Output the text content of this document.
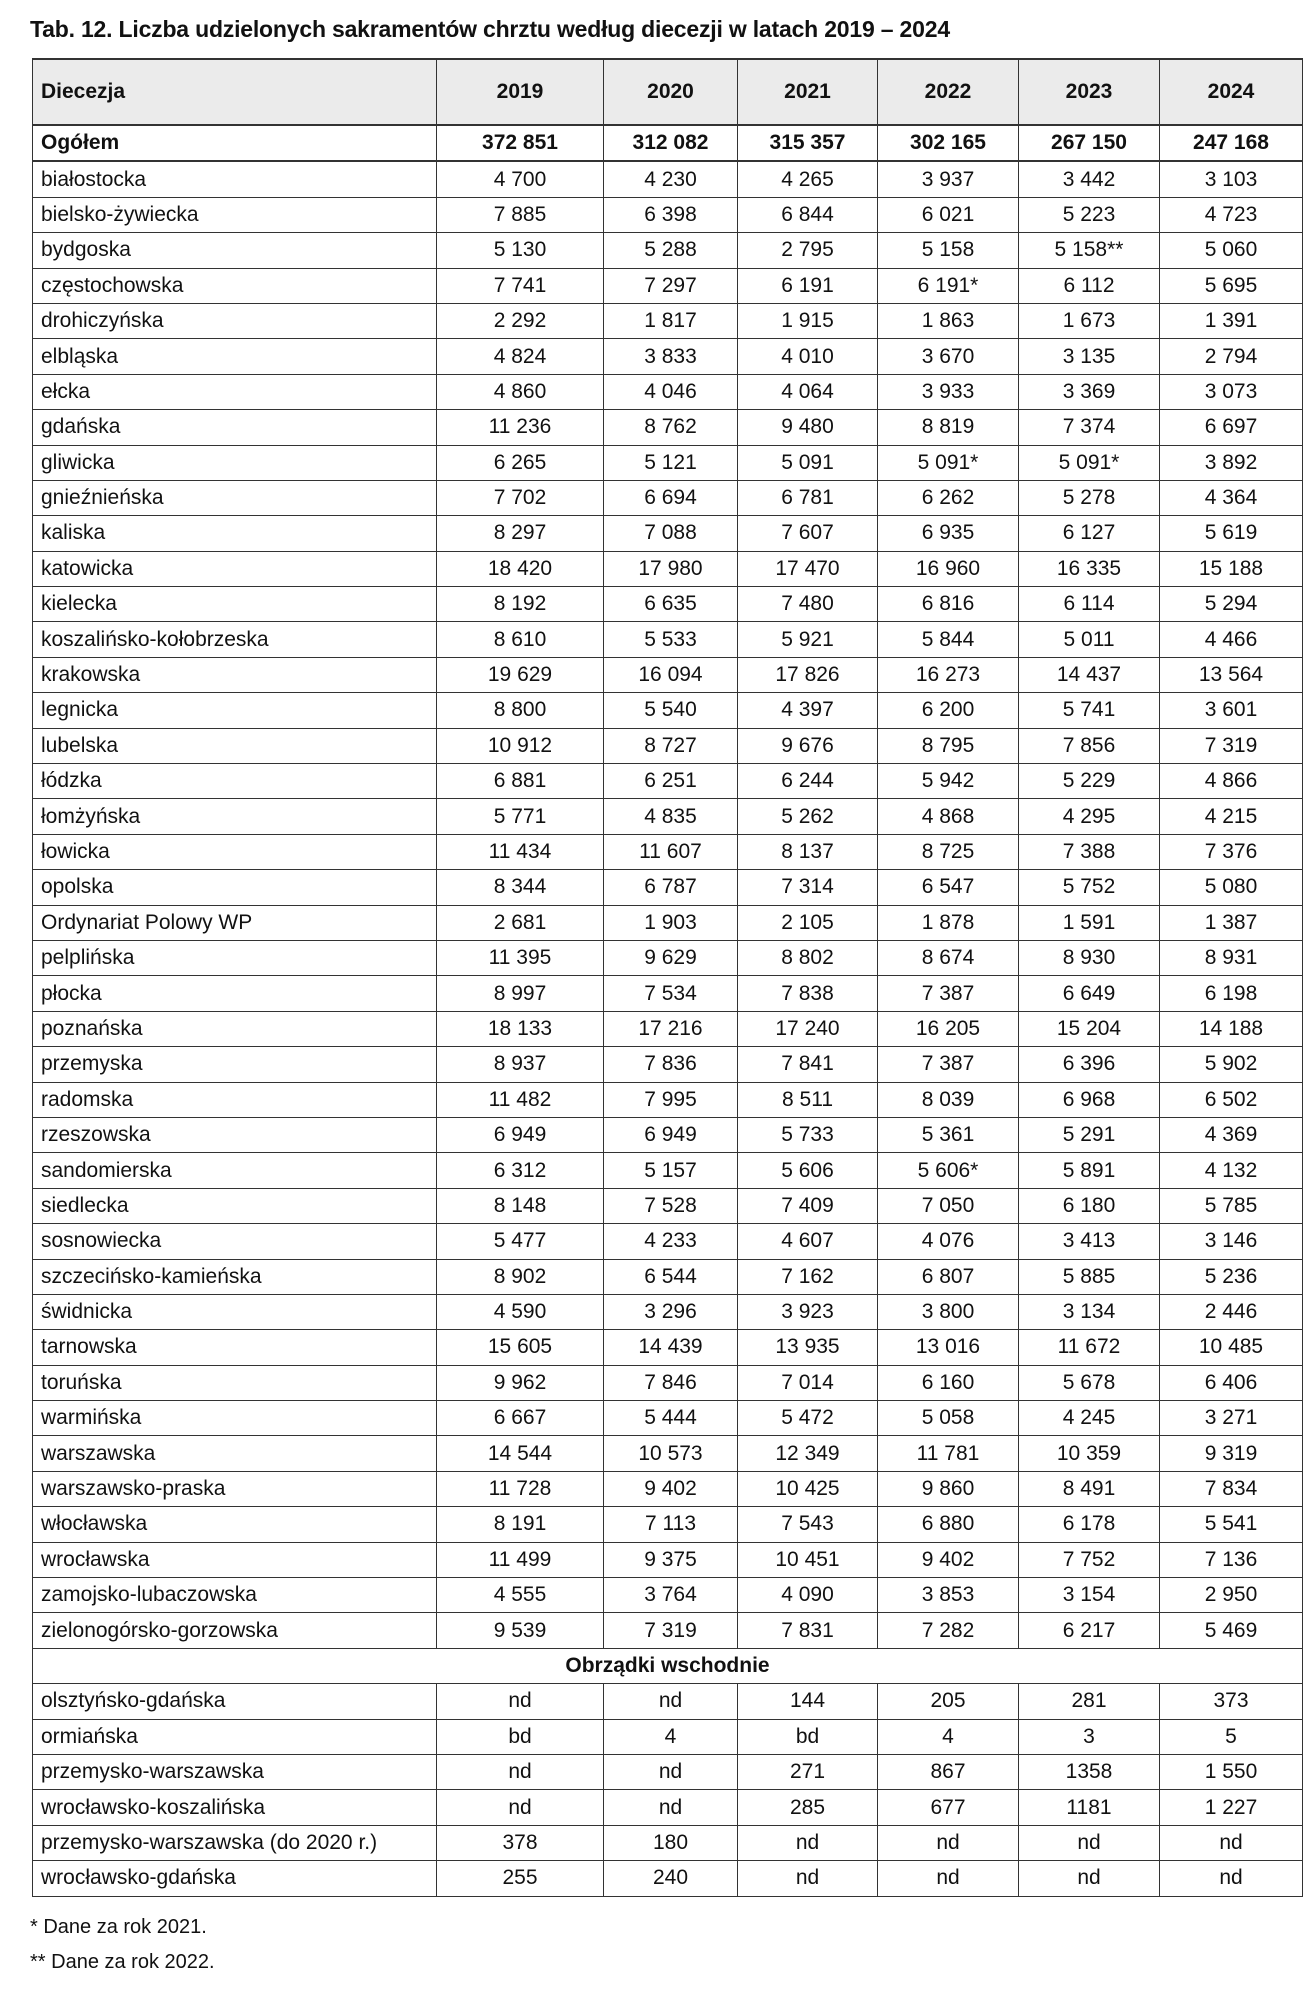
Tab. 12. Liczba udzielonych sakramentów chrztu według diecezji w latach 2019 – 2024
Diecezja	2019	2020	2021	2022	2023	2024
Ogółem	372 851	312 082	315 357	302 165	267 150	247 168
białostocka	4 700	4 230	4 265	3 937	3 442	3 103
bielsko-żywiecka	7 885	6 398	6 844	6 021	5 223	4 723
bydgoska	5 130	5 288	2 795	5 158	5 158**	5 060
częstochowska	7 741	7 297	6 191	6 191*	6 112	5 695
drohiczyńska	2 292	1 817	1 915	1 863	1 673	1 391
elbląska	4 824	3 833	4 010	3 670	3 135	2 794
ełcka	4 860	4 046	4 064	3 933	3 369	3 073
gdańska	11 236	8 762	9 480	8 819	7 374	6 697
gliwicka	6 265	5 121	5 091	5 091*	5 091*	3 892
gnieźnieńska	7 702	6 694	6 781	6 262	5 278	4 364
kaliska	8 297	7 088	7 607	6 935	6 127	5 619
katowicka	18 420	17 980	17 470	16 960	16 335	15 188
kielecka	8 192	6 635	7 480	6 816	6 114	5 294
koszalińsko-kołobrzeska	8 610	5 533	5 921	5 844	5 011	4 466
krakowska	19 629	16 094	17 826	16 273	14 437	13 564
legnicka	8 800	5 540	4 397	6 200	5 741	3 601
lubelska	10 912	8 727	9 676	8 795	7 856	7 319
łódzka	6 881	6 251	6 244	5 942	5 229	4 866
łomżyńska	5 771	4 835	5 262	4 868	4 295	4 215
łowicka	11 434	11 607	8 137	8 725	7 388	7 376
opolska	8 344	6 787	7 314	6 547	5 752	5 080
Ordynariat Polowy WP	2 681	1 903	2 105	1 878	1 591	1 387
pelplińska	11 395	9 629	8 802	8 674	8 930	8 931
płocka	8 997	7 534	7 838	7 387	6 649	6 198
poznańska	18 133	17 216	17 240	16 205	15 204	14 188
przemyska	8 937	7 836	7 841	7 387	6 396	5 902
radomska	11 482	7 995	8 511	8 039	6 968	6 502
rzeszowska	6 949	6 949	5 733	5 361	5 291	4 369
sandomierska	6 312	5 157	5 606	5 606*	5 891	4 132
siedlecka	8 148	7 528	7 409	7 050	6 180	5 785
sosnowiecka	5 477	4 233	4 607	4 076	3 413	3 146
szczecińsko-kamieńska	8 902	6 544	7 162	6 807	5 885	5 236
świdnicka	4 590	3 296	3 923	3 800	3 134	2 446
tarnowska	15 605	14 439	13 935	13 016	11 672	10 485
toruńska	9 962	7 846	7 014	6 160	5 678	6 406
warmińska	6 667	5 444	5 472	5 058	4 245	3 271
warszawska	14 544	10 573	12 349	11 781	10 359	9 319
warszawsko-praska	11 728	9 402	10 425	9 860	8 491	7 834
włocławska	8 191	7 113	7 543	6 880	6 178	5 541
wrocławska	11 499	9 375	10 451	9 402	7 752	7 136
zamojsko-lubaczowska	4 555	3 764	4 090	3 853	3 154	2 950
zielonogórsko-gorzowska	9 539	7 319	7 831	7 282	6 217	5 469
Obrządki wschodnie						
olsztyńsko-gdańska	nd	nd	144	205	281	373
ormiańska	bd	4	bd	4	3	5
przemysko-warszawska	nd	nd	271	867	1358	1 550
wrocławsko-koszalińska	nd	nd	285	677	1181	1 227
przemysko-warszawska (do 2020 r.)	378	180	nd	nd	nd	nd
wrocławsko-gdańska	255	240	nd	nd	nd	nd
* Dane za rok 2021.
** Dane za rok 2022.
